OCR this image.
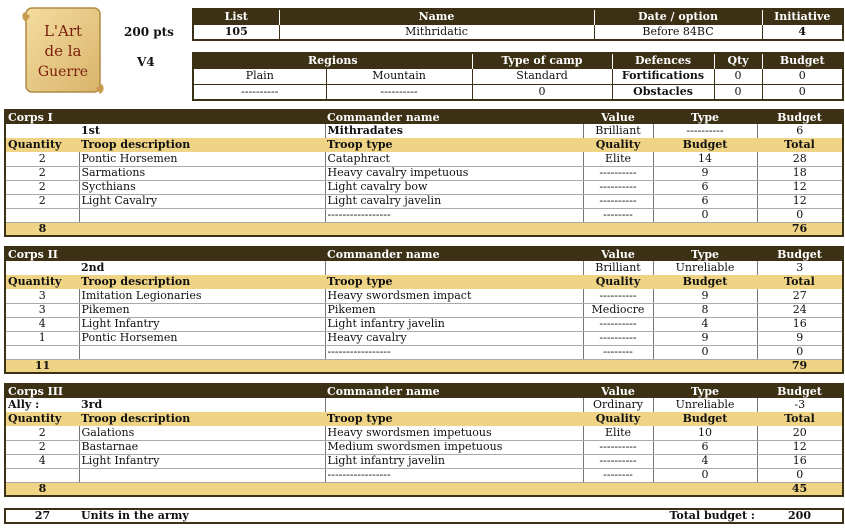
L'Art
de la
Guerre
200 pts
V4
List	Name	Date / option	Initiative
105	Mithridatic	Before 84BC	4
Regions		Type of camp	Defences	Qty	Budget
Plain	Mountain	Standard	Fortifications	0	0
----------	----------	0	Obstacles	0	0
Corps I		Commander name	Value	Type	Budget
	1st	Mithradates	Brilliant	----------	6
Quantity	Troop description	Troop type	Quality	Budget	Total
2	Pontic Horsemen	Cataphract	Elite	14	28
2	Sarmations	Heavy cavalry impetuous	----------	9	18
2	Sycthians	Light cavalry bow	----------	6	12
2	Light Cavalry	Light cavalry javelin	----------	6	12
		-----------------	--------	0	0
8					76
Corps II		Commander name	Value	Type	Budget
	2nd		Brilliant	Unreliable	3
Quantity	Troop description	Troop type	Quality	Budget	Total
3	Imitation Legionaries	Heavy swordsmen impact	----------	9	27
3	Pikemen	Pikemen	Mediocre	8	24
4	Light Infantry	Light infantry javelin	----------	4	16
1	Pontic Horsemen	Heavy cavalry	----------	9	9
		-----------------	--------	0	0
11					79
Corps III		Commander name	Value	Type	Budget
Ally :	3rd		Ordinary	Unreliable	-3
Quantity	Troop description	Troop type	Quality	Budget	Total
2	Galations	Heavy swordsmen impetuous	Elite	10	20
2	Bastarnae	Medium swordsmen impetuous	----------	6	12
4	Light Infantry	Light infantry javelin	----------	4	16
		-----------------	--------	0	0
8					45
27	Units in the army	Total budget :	200
